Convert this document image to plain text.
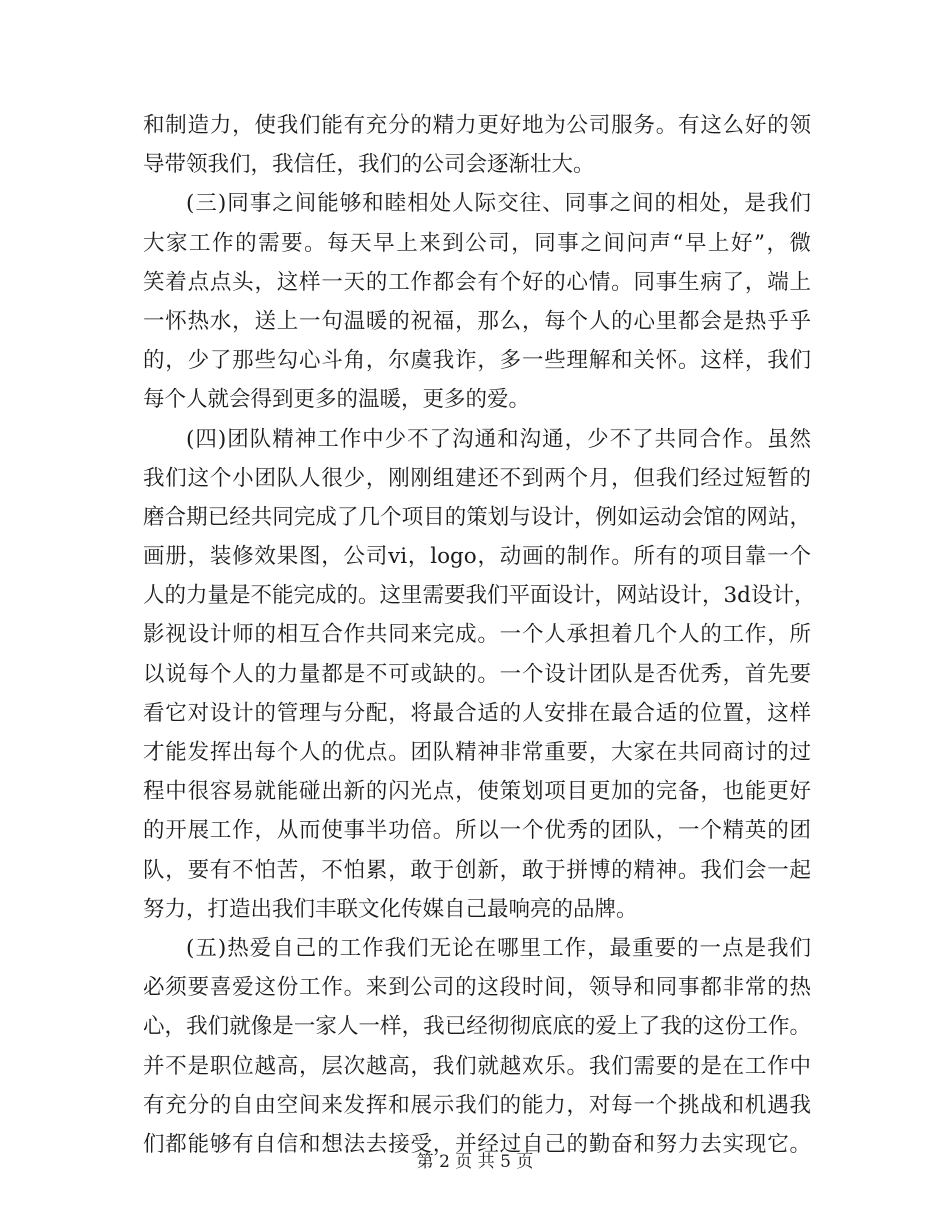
和制造力，使我们能有充分的精力更好地为公司服务。有这么好的领
导带领我们，我信任，我们的公司会逐渐壮大。
(三)同事之间能够和睦相处人际交往、同事之间的相处，是我们
大家工作的需要。每天早上来到公司，同事之间问声“早上好”，微
笑着点点头，这样一天的工作都会有个好的心情。同事生病了，端上
一怀热水，送上一句温暖的祝福，那么，每个人的心里都会是热乎乎
的，少了那些勾心斗角，尔虞我诈，多一些理解和关怀。这样，我们
每个人就会得到更多的温暖，更多的爱。
(四)团队精神工作中少不了沟通和沟通，少不了共同合作。虽然
我们这个小团队人很少，刚刚组建还不到两个月，但我们经过短暂的
磨合期已经共同完成了几个项目的策划与设计，例如运动会馆的网站，
画册，装修效果图，公司vi，logo，动画的制作。所有的项目靠一个
人的力量是不能完成的。这里需要我们平面设计，网站设计，3d设计，
影视设计师的相互合作共同来完成。一个人承担着几个人的工作，所
以说每个人的力量都是不可或缺的。一个设计团队是否优秀，首先要
看它对设计的管理与分配，将最合适的人安排在最合适的位置，这样
才能发挥出每个人的优点。团队精神非常重要，大家在共同商讨的过
程中很容易就能碰出新的闪光点，使策划项目更加的完备，也能更好
的开展工作，从而使事半功倍。所以一个优秀的团队，一个精英的团
队，要有不怕苦，不怕累，敢于创新，敢于拼博的精神。我们会一起
努力，打造出我们丰联文化传媒自己最响亮的品牌。
(五)热爱自己的工作我们无论在哪里工作，最重要的一点是我们
必须要喜爱这份工作。来到公司的这段时间，领导和同事都非常的热
心，我们就像是一家人一样，我已经彻彻底底的爱上了我的这份工作。
并不是职位越高，层次越高，我们就越欢乐。我们需要的是在工作中
有充分的自由空间来发挥和展示我们的能力，对每一个挑战和机遇我
们都能够有自信和想法去接受，并经过自己的勤奋和努力去实现它。
第 2 页 共 5 页
